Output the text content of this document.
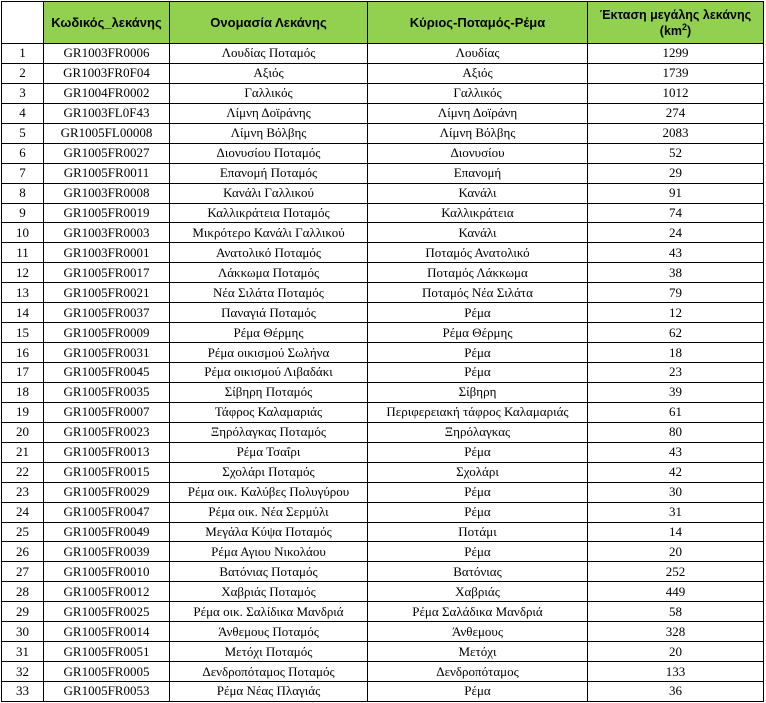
	Κωδικός_λεκάνης	Ονομασία Λεκάνης	Κύριος-Ποταμός-Ρέμα	Έκταση μεγάλης λεκάνης
$(km^2)$
1	GR1003FR0006	Λουδίας Ποταμός	Λουδίας	1299
2	GR1003FR0F04	Αξιός	Αξιός	1739
3	GR1004FR0002	Γαλλικός	Γαλλικός	1012
4	GR1003FL0F43	Λίμνη Δοϊράνης	Λίμνη Δοϊράνη	274
5	GR1005FL00008	Λίμνη Βόλβης	Λίμνη Βόλβης	2083
6	GR1005FR0027	Διονυσίου Ποταμός	Διονυσίου	52
7	GR1005FR0011	Επανομή Ποταμός	Επανομή	29
8	GR1003FR0008	Κανάλι Γαλλικού	Κανάλι	91
9	GR1005FR0019	Καλλικράτεια Ποταμός	Καλλικράτεια	74
10	GR1003FR0003	Μικρότερο Κανάλι Γαλλικού	Κανάλι	24
11	GR1003FR0001	Ανατολικό Ποταμός	Ποταμός Ανατολικό	43
12	GR1005FR0017	Λάκκωμα Ποταμός	Ποταμός Λάκκωμα	38
13	GR1005FR0021	Νέα Σιλάτα Ποταμός	Ποταμός Νέα Σιλάτα	79
14	GR1005FR0037	Παναγιά Ποταμός	Ρέμα	12
15	GR1005FR0009	Ρέμα Θέρμης	Ρέμα Θέρμης	62
16	GR1005FR0031	Ρέμα οικισμού Σωλήνα	Ρέμα	18
17	GR1005FR0045	Ρέμα οικισμού Λιβαδάκι	Ρέμα	23
18	GR1005FR0035	Σίβηρη Ποταμός	Σίβηρη	39
19	GR1005FR0007	Τάφρος Καλαμαριάς	Περιφερειακή τάφρος Καλαμαριάς	61
20	GR1005FR0023	Ξηρόλαγκας Ποταμός	Ξηρόλαγκας	80
21	GR1005FR0013	Ρέμα Τσαΐρι	Ρέμα	43
22	GR1005FR0015	Σχολάρι Ποταμός	Σχολάρι	42
23	GR1005FR0029	Ρέμα οικ. Καλύβες Πολυγύρου	Ρέμα	30
24	GR1005FR0047	Ρέμα οικ. Νέα Σερμύλι	Ρέμα	31
25	GR1005FR0049	Μεγάλα Κύψα Ποταμός	Ποτάμι	14
26	GR1005FR0039	Ρέμα Αγιου Νικολάου	Ρέμα	20
27	GR1005FR0010	Βατόνιας Ποταμός	Βατόνιας	252
28	GR1005FR0012	Χαβριάς Ποταμός	Χαβριάς	449
29	GR1005FR0025	Ρέμα οικ. Σαλίδικα Μανδριά	Ρέμα Σαλάδικα Μανδριά	58
30	GR1005FR0014	Άνθεμους Ποταμός	Άνθεμους	328
31	GR1005FR0051	Μετόχι Ποταμός	Μετόχι	20
32	GR1005FR0005	Δενδροπόταμος Ποταμός	Δενδροπόταμος	133
33	GR1005FR0053	Ρέμα Νέας Πλαγιάς	Ρέμα	36
